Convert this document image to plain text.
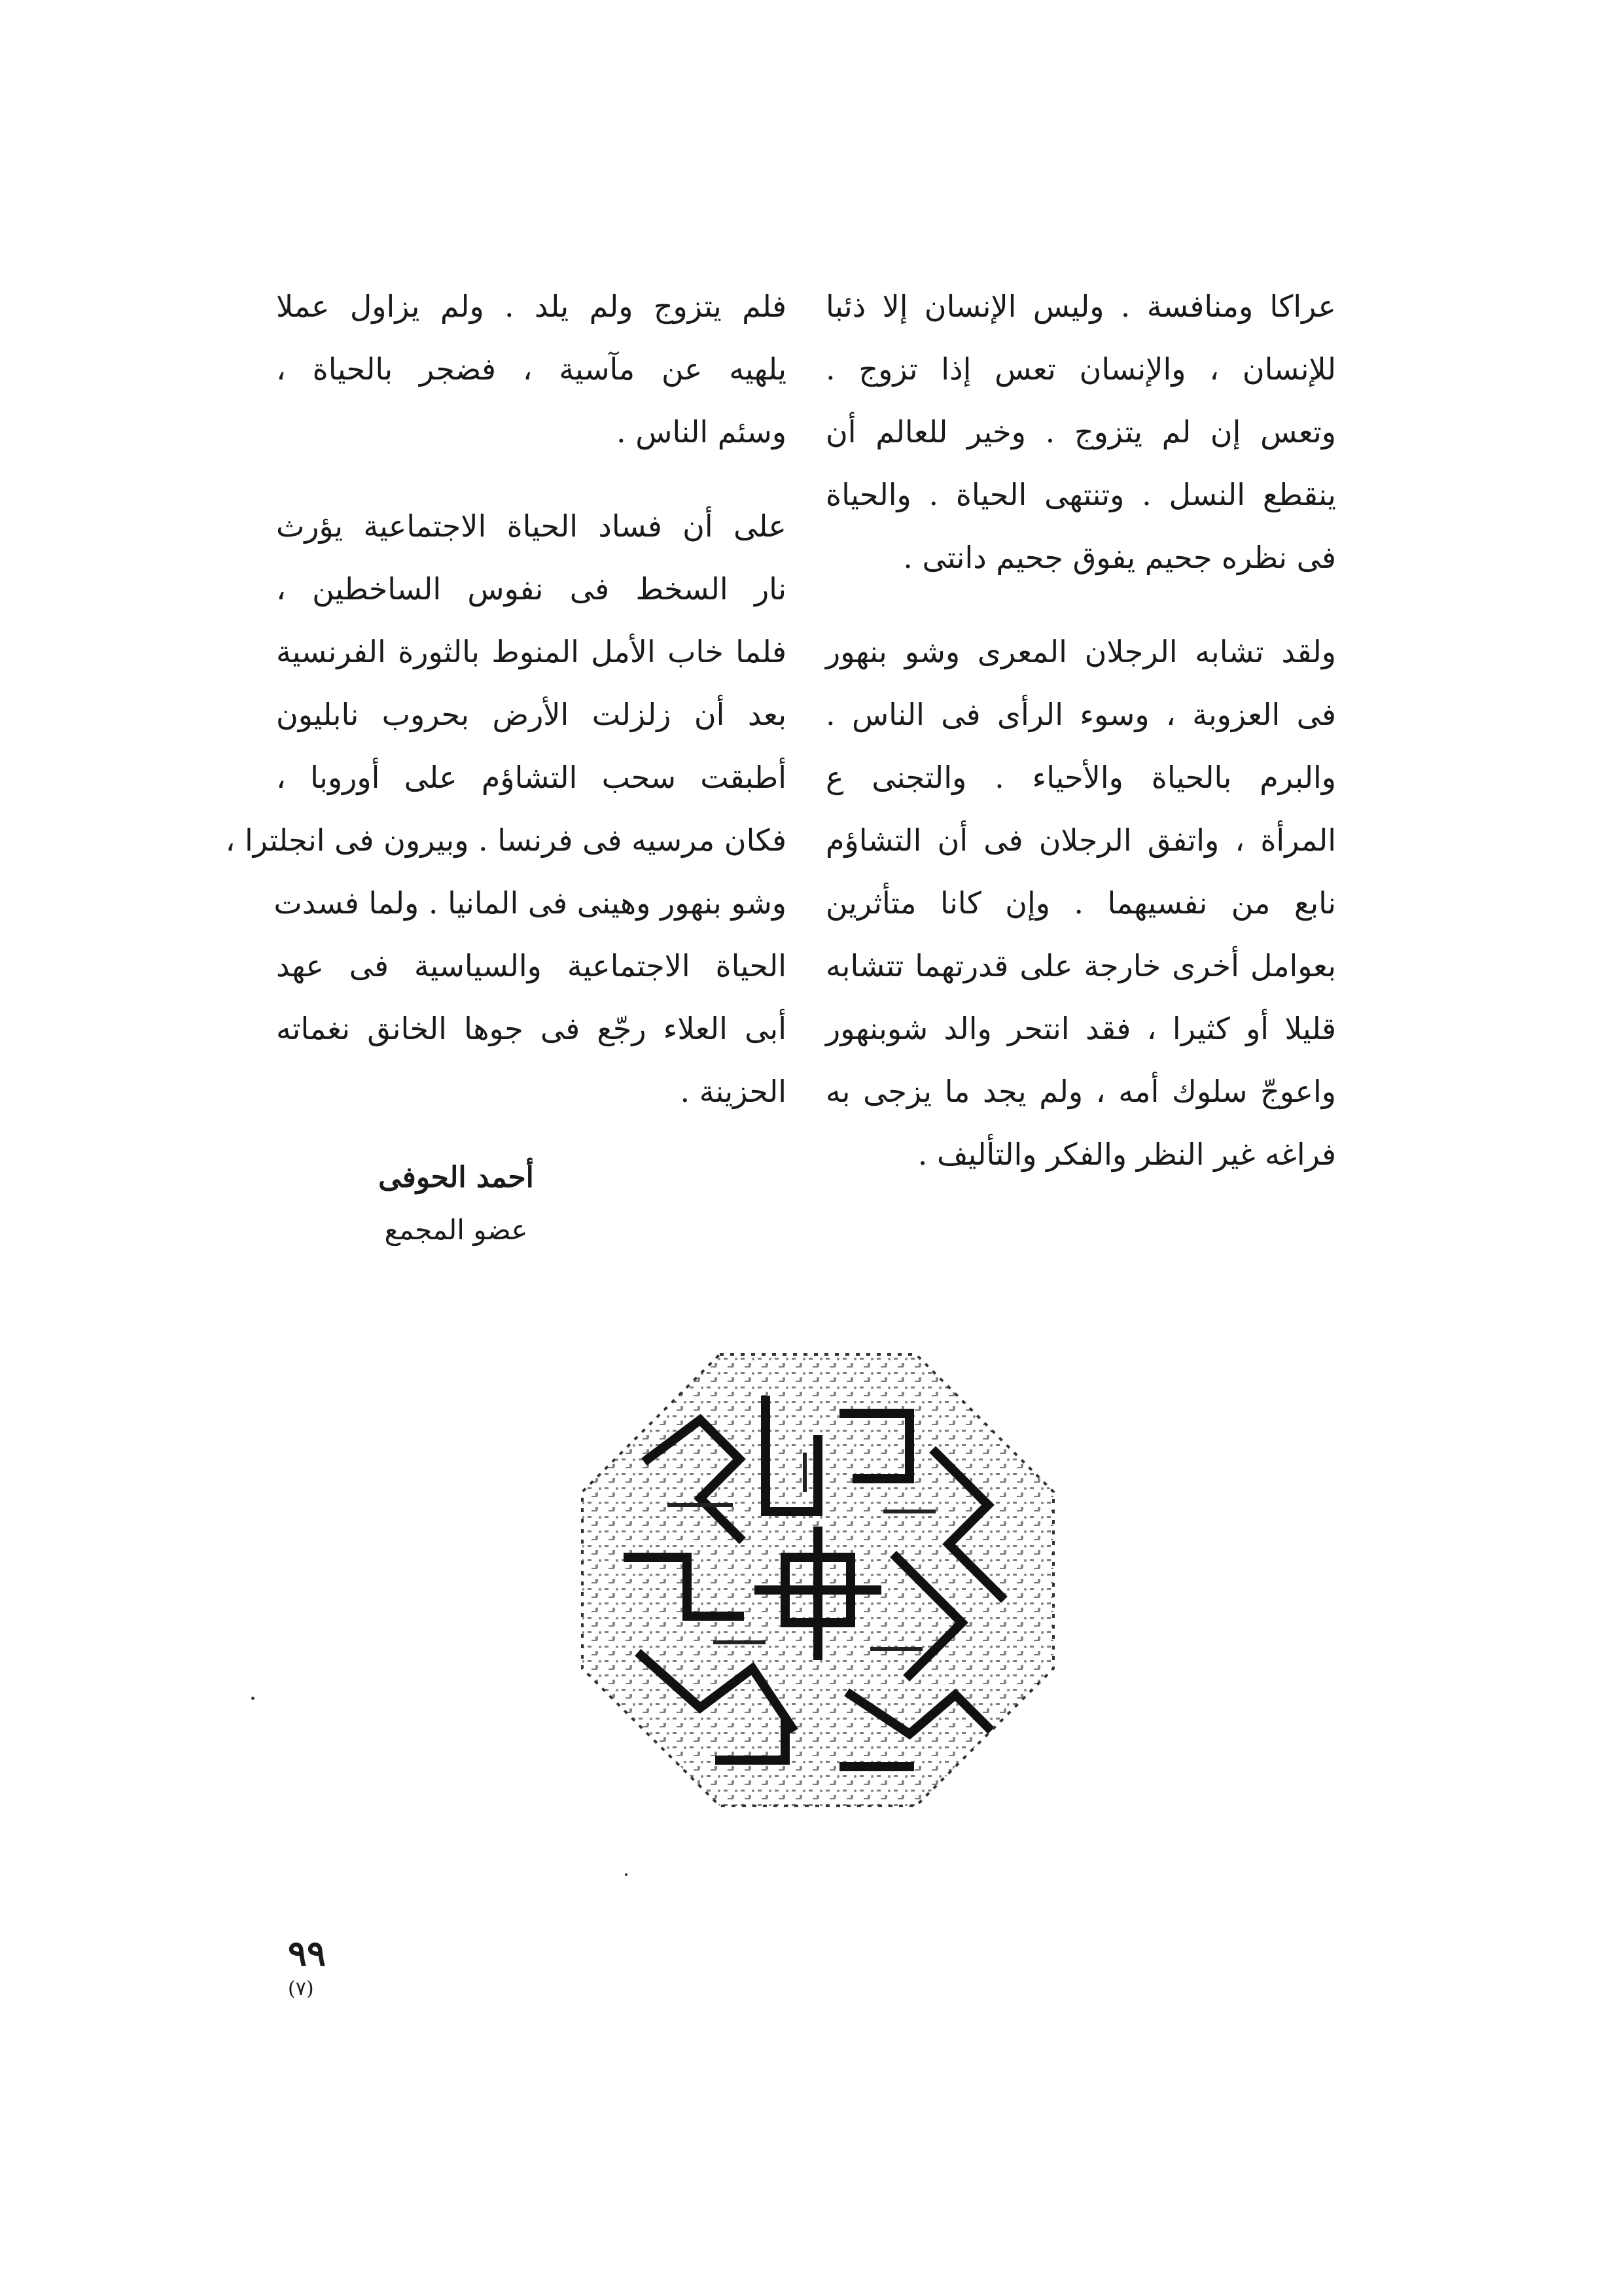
عراكا ومنافسة . وليس الإنسان إلا ذئبا
للإنسان ، والإنسان تعس إذا تزوج .
وتعس إن لم يتزوج . وخير للعالم أن
ينقطع النسل . وتنتهى الحياة . والحياة
فى نظره جحيم يفوق جحيم دانتى .
ولقد تشابه الرجلان المعرى وشو بنهور
فى العزوبة ، وسوء الرأى فى الناس .
والبرم بالحياة والأحياء . والتجنى ع
المرأة ، واتفق الرجلان فى أن التشاؤم
نابع من نفسيهما . وإن كانا متأثرين
بعوامل أخرى خارجة على قدرتهما تتشابه
قليلا أو كثيرا ، فقد انتحر والد شوبنهور
واعوجّ سلوك أمه ، ولم يجد ما يزجى به
فراغه غير النظر والفكر والتأليف .
فلم يتزوج ولم يلد . ولم يزاول عملا
يلهيه عن مآسية ، فضجر بالحياة ،
وسئم الناس .
على أن فساد الحياة الاجتماعية يؤرث
نار السخط فى نفوس الساخطين ،
فلما خاب الأمل المنوط بالثورة الفرنسية
بعد أن زلزلت الأرض بحروب نابليون
أطبقت سحب التشاؤم على أوروبا ،
فكان مرسيه فى فرنسا . وبيرون فى انجلترا ،
وشو بنهور وهينى فى المانيا . ولما فسدت
الحياة الاجتماعية والسياسية فى عهد
أبى العلاء رجّع فى جوها الخانق نغماته
الحزينة .
أحمد الحوفى
عضو المجمع
٩٩
(٧)
